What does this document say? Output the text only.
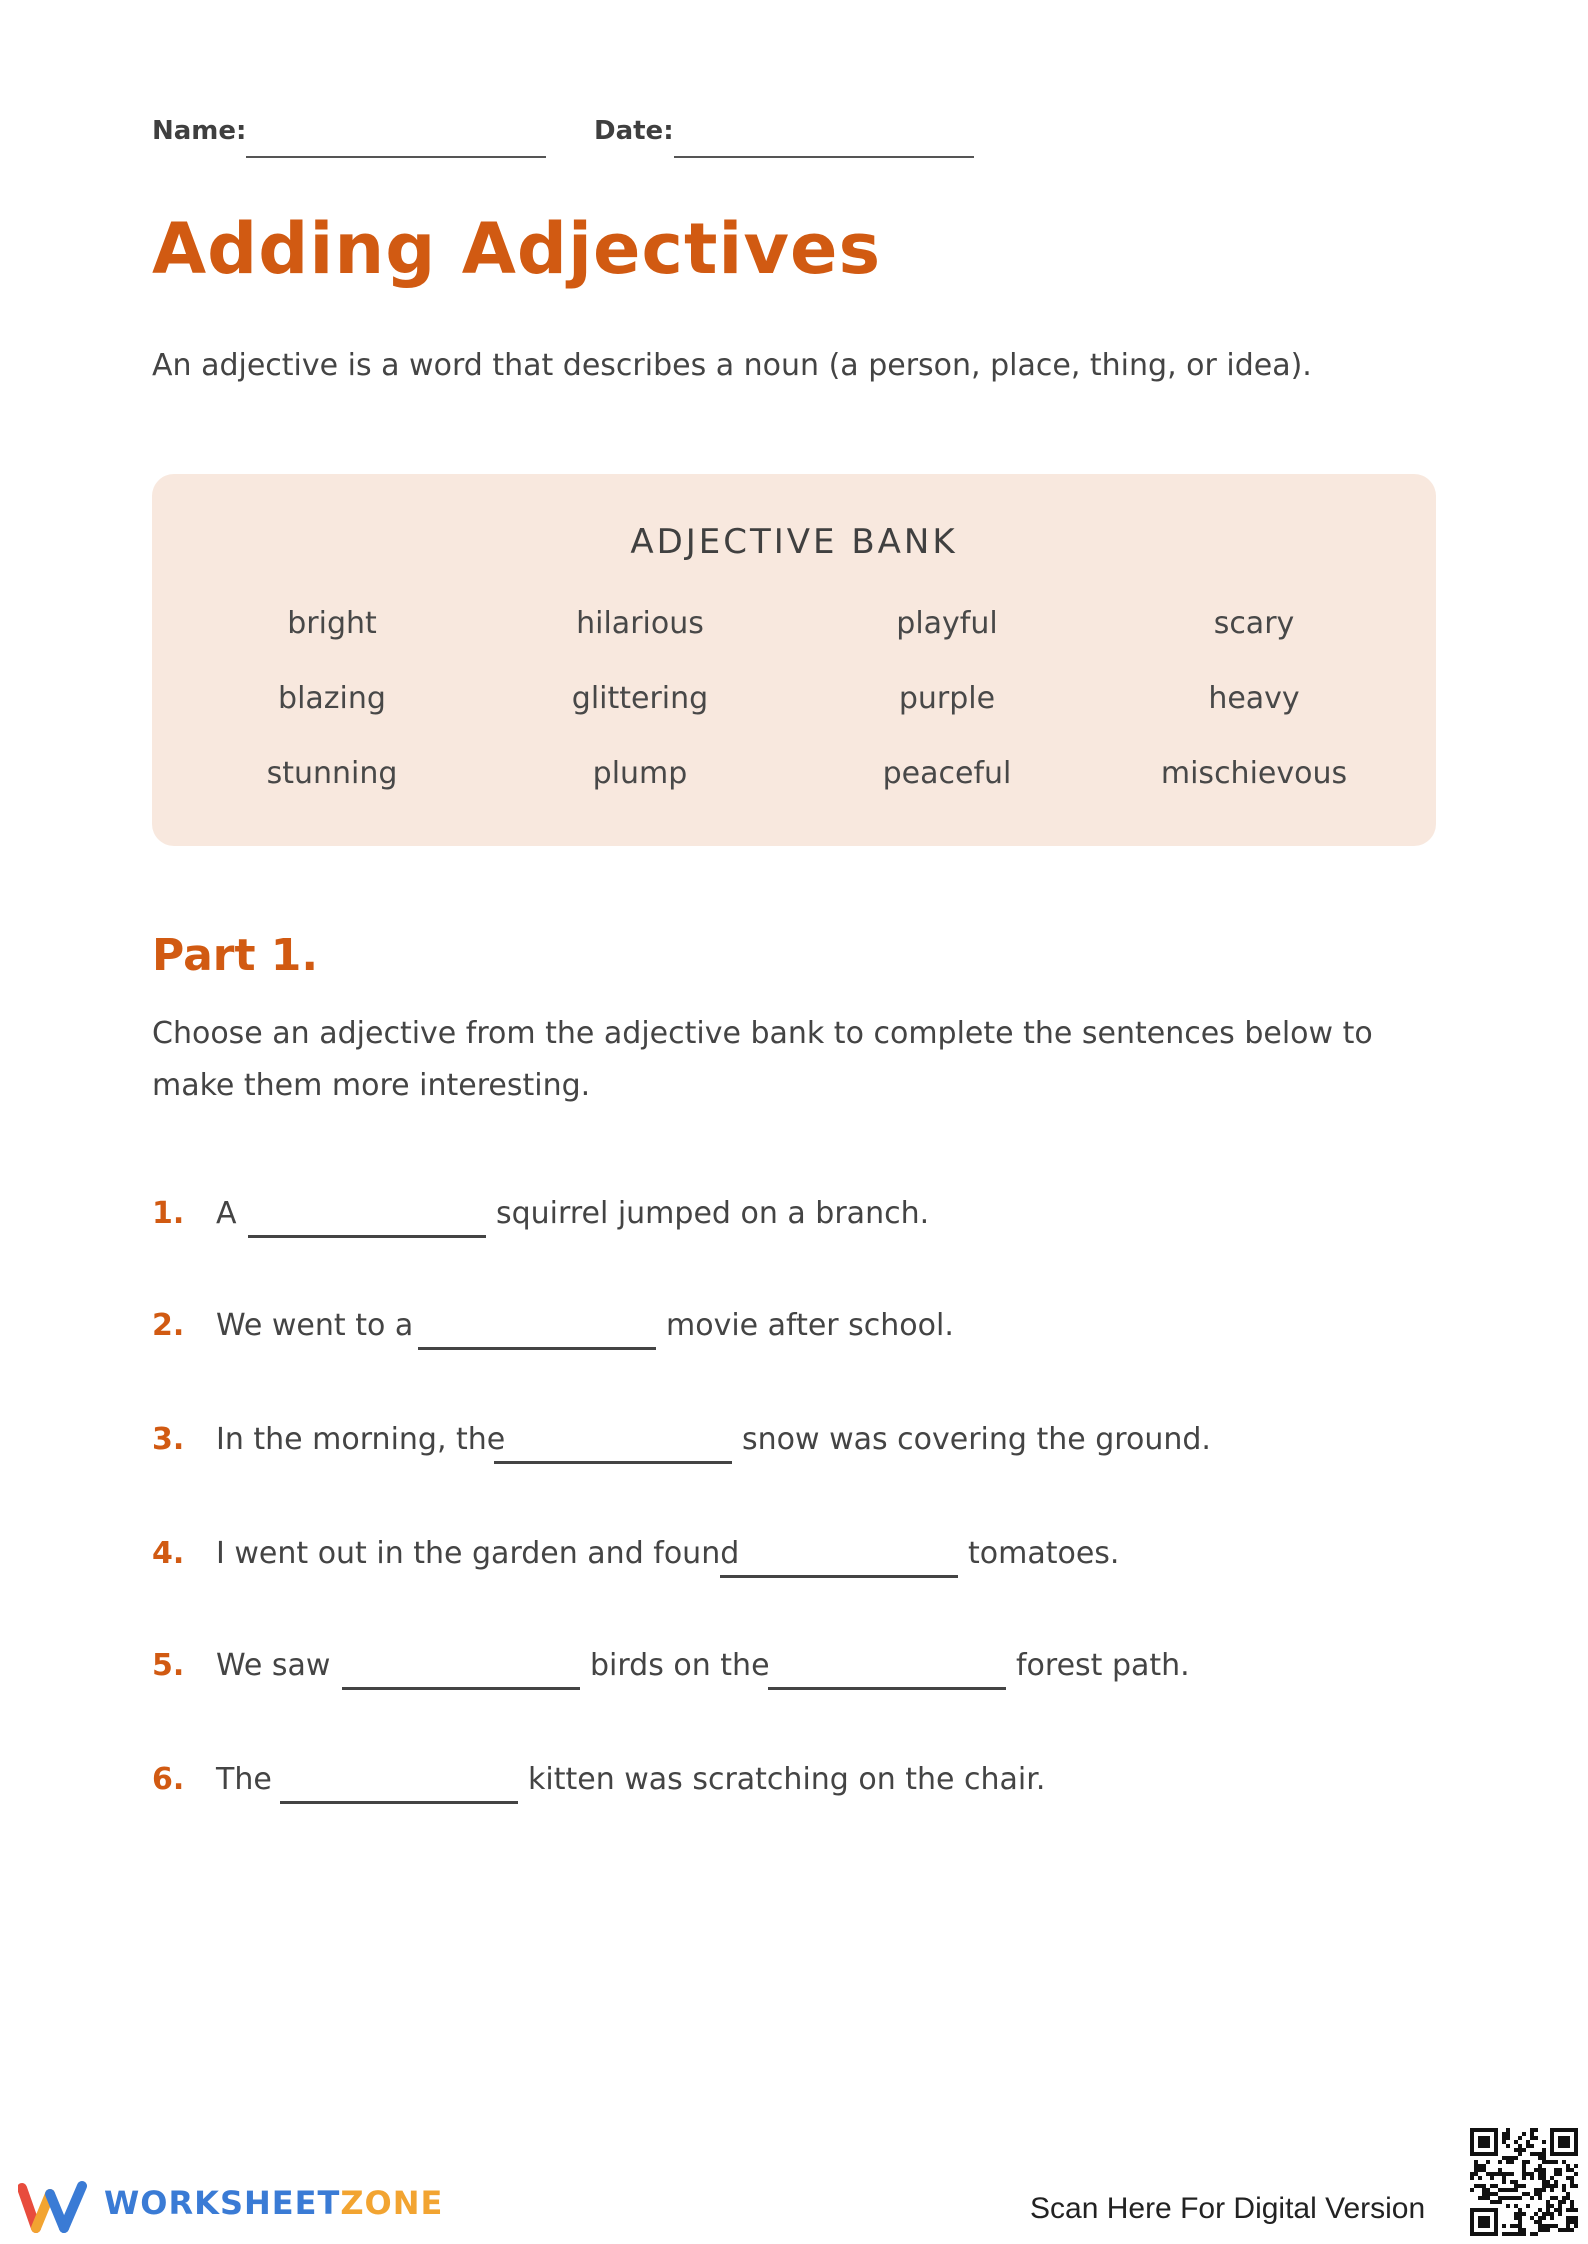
Name:	Date:
Adding Adjectives
An adjective is a word that describes a noun (a person, place, thing, or idea).
ADJECTIVE BANK
bright	hilarious	playful	scary
blazing	glittering	purple	heavy
stunning	plump	peaceful	mischievous
Part 1.
Choose an adjective from the adjective bank to complete the sentences below to make them more interesting.
1. A	squirrel jumped on a branch.
2. We went to a	movie after school.
3. In the morning, the	snow was covering the ground.
4. I went out in the garden and found	tomatoes.
5. We saw	birds on the	forest path.
6. The	kitten was scratching on the chair.
WORKSHEETZONE	Scan Here For Digital Version
